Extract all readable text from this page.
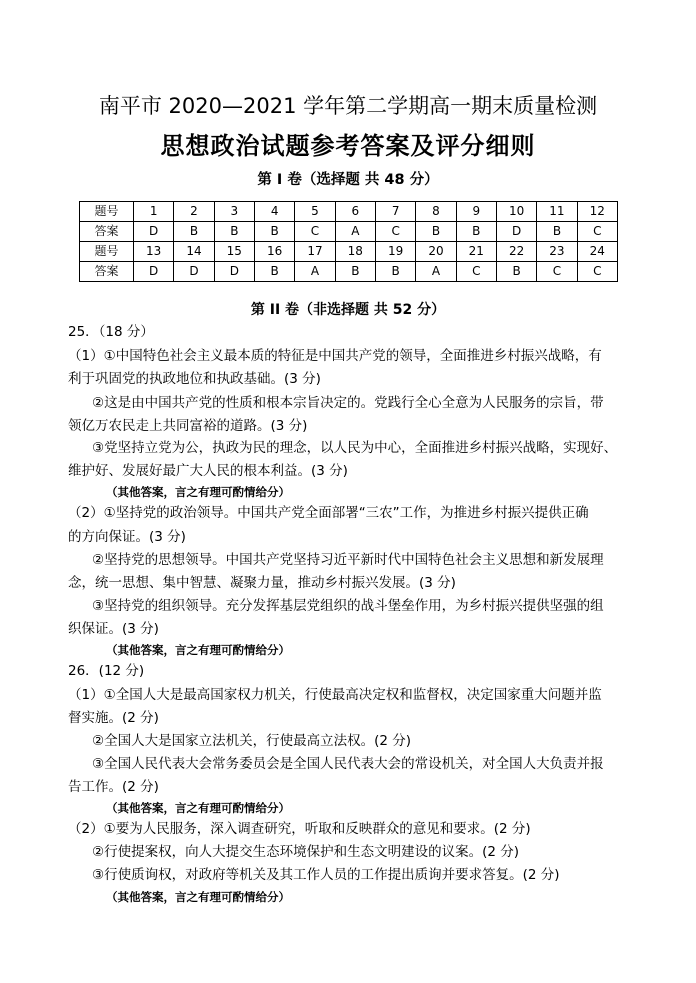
南平市 2020—2021 学年第二学期高一期末质量检测
思想政治试题参考答案及评分细则
第 I 卷（选择题 共 48 分）
题号	1	2	3	4	5	6	7	8	9	10	11	12
答案	D	B	B	B	C	A	C	B	B	D	B	C
题号	13	14	15	16	17	18	19	20	21	22	23	24
答案	D	D	D	B	A	B	B	A	C	B	C	C
第 II 卷（非选择题 共 52 分）
25．（18 分）
（1）①中国特色社会主义最本质的特征是中国共产党的领导，全面推进乡村振兴战略，有
利于巩固党的执政地位和执政基础。(3 分)
②这是由中国共产党的性质和根本宗旨决定的。党践行全心全意为人民服务的宗旨，带
领亿万农民走上共同富裕的道路。(3 分)
③党坚持立党为公，执政为民的理念，以人民为中心，全面推进乡村振兴战略，实现好、
维护好、发展好最广大人民的根本利益。(3 分)
（其他答案，言之有理可酌情给分）
（2）①坚持党的政治领导。中国共产党全面部署“三农”工作，为推进乡村振兴提供正确
的方向保证。(3 分)
②坚持党的思想领导。中国共产党坚持习近平新时代中国特色社会主义思想和新发展理
念，统一思想、集中智慧、凝聚力量，推动乡村振兴发展。(3 分)
③坚持党的组织领导。充分发挥基层党组织的战斗堡垒作用，为乡村振兴提供坚强的组
织保证。(3 分)
（其他答案，言之有理可酌情给分）
26．(12 分)
（1）①全国人大是最高国家权力机关，行使最高决定权和监督权，决定国家重大问题并监
督实施。(2 分)
②全国人大是国家立法机关，行使最高立法权。(2 分)
③全国人民代表大会常务委员会是全国人民代表大会的常设机关，对全国人大负责并报
告工作。(2 分)
（其他答案，言之有理可酌情给分）
（2）①要为人民服务，深入调查研究，听取和反映群众的意见和要求。(2 分)
②行使提案权，向人大提交生态环境保护和生态文明建设的议案。(2 分)
③行使质询权，对政府等机关及其工作人员的工作提出质询并要求答复。(2 分)
（其他答案，言之有理可酌情给分）
